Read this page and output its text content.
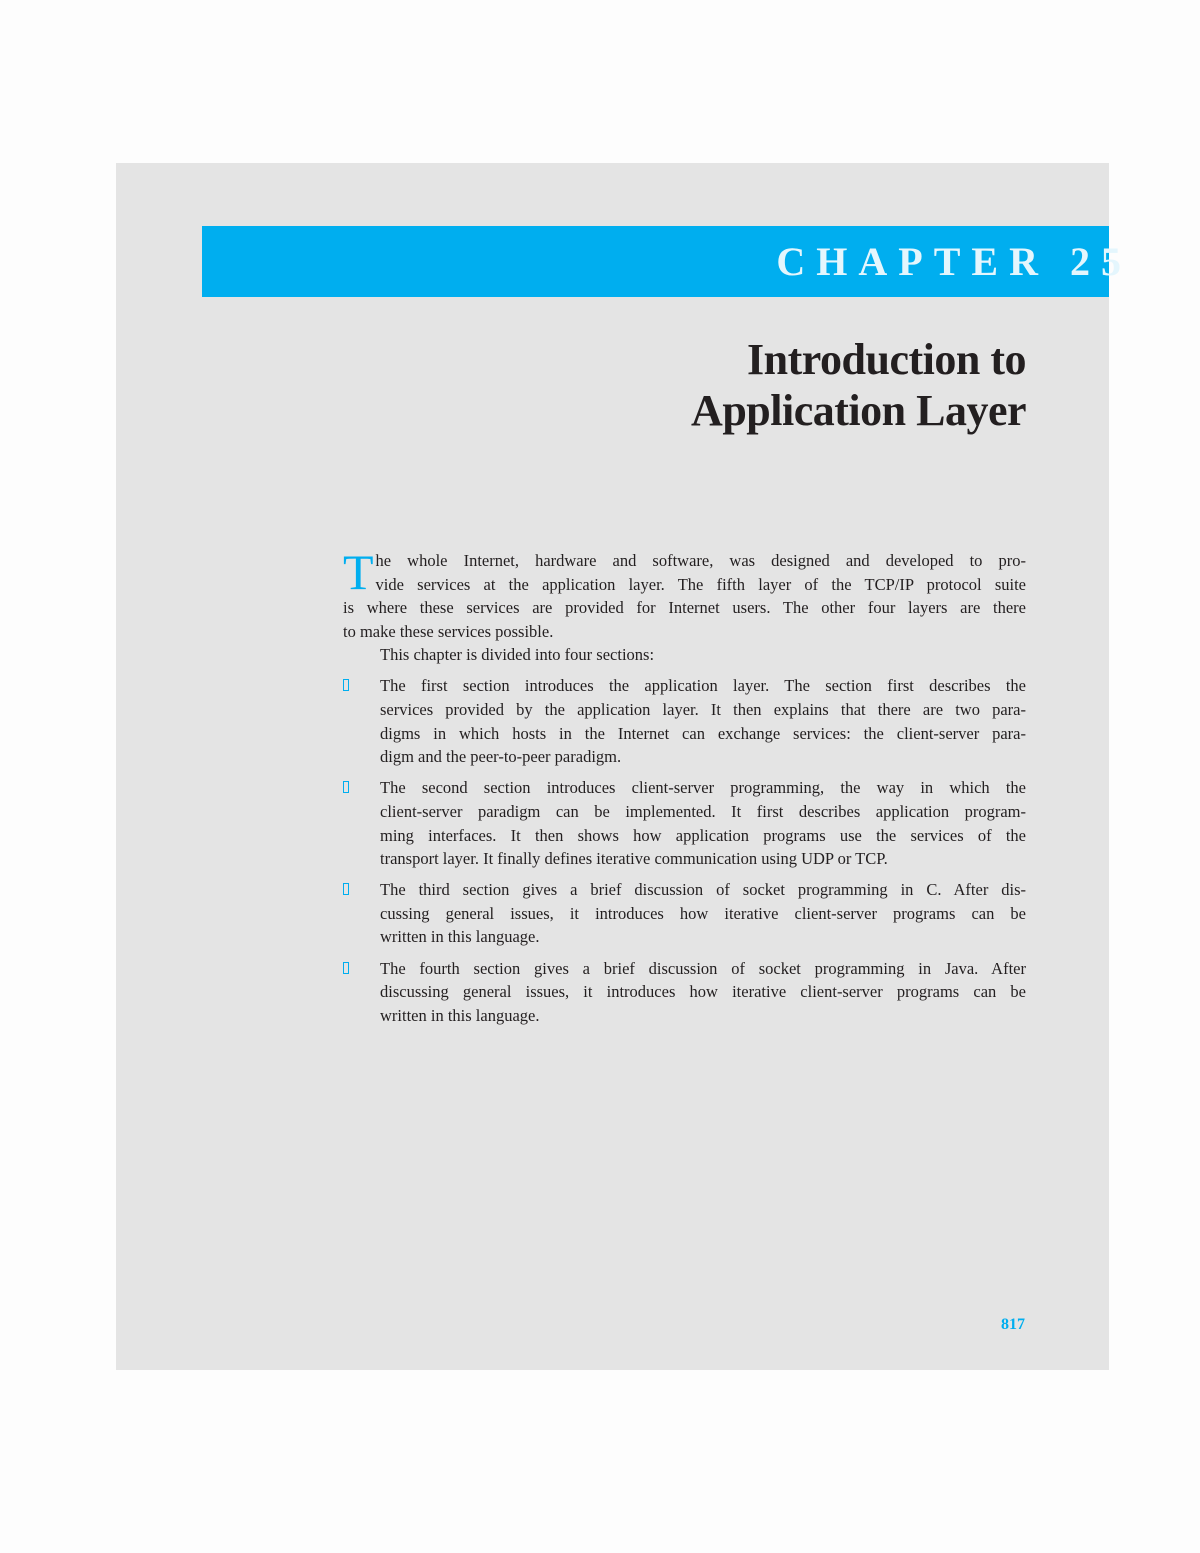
CHAPTER 25
Introduction to
Application Layer
T he whole Internet, hardware and software, was designed and developed to pro-
vide services at the application layer. The fifth layer of the TCP/IP protocol suite
is where these services are provided for Internet users. The other four layers are there
to make these services possible.
This chapter is divided into four sections:
The first section introduces the application layer. The section first describes the
services provided by the application layer. It then explains that there are two para-
digms in which hosts in the Internet can exchange services: the client-server para-
digm and the peer-to-peer paradigm.
The second section introduces client-server programming, the way in which the
client-server paradigm can be implemented. It first describes application program-
ming interfaces. It then shows how application programs use the services of the
transport layer. It finally defines iterative communication using UDP or TCP.
The third section gives a brief discussion of socket programming in C. After dis-
cussing general issues, it introduces how iterative client-server programs can be
written in this language.
The fourth section gives a brief discussion of socket programming in Java. After
discussing general issues, it introduces how iterative client-server programs can be
written in this language.
817
